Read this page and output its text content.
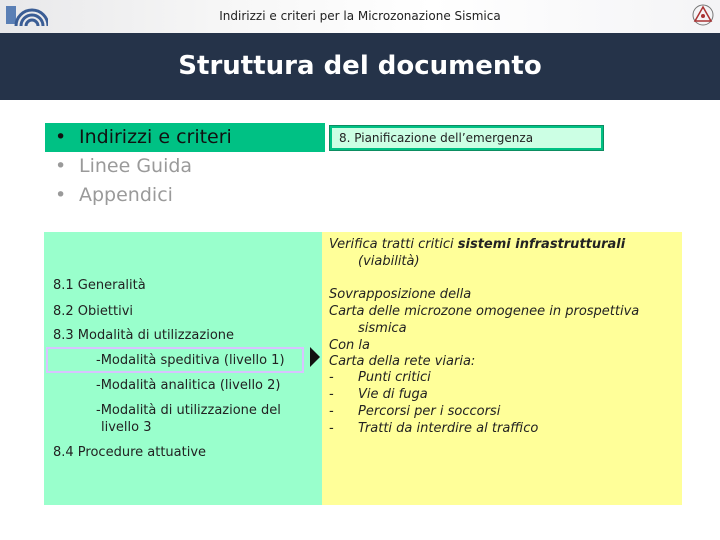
Indirizzi e criteri per la Microzonazione Sismica
Struttura del documento
• Indirizzi e criteri
• Linee Guida
• Appendici
8. Pianificazione dell’emergenza
8.1 Generalità
8.2 Obiettivi
8.3 Modalità di utilizzazione
-Modalità speditiva (livello 1)
-Modalità analitica (livello 2)
-Modalità di utilizzazione del
livello 3
8.4 Procedure attuative
Verifica tratti critici sistemi infrastrutturali
(viabilità)
Sovrapposizione della
Carta delle microzone omogenee in prospettiva
sismica
Con la
Carta della rete viaria:
- Punti critici
- Vie di fuga
- Percorsi per i soccorsi
- Tratti da interdire al traffico
